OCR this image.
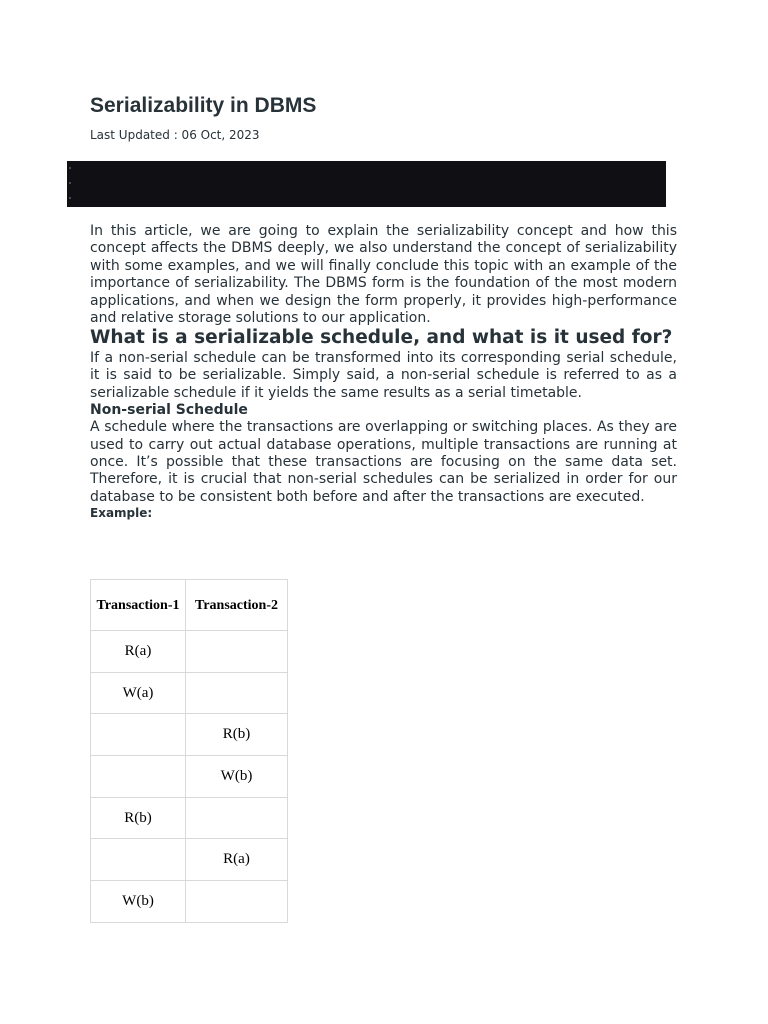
Serializability in DBMS
Last Updated : 06 Oct, 2023

In this article, we are going to explain the serializability concept and how this concept affects the DBMS deeply, we also understand the concept of serializability with some examples, and we will finally conclude this topic with an example of the importance of serializability. The DBMS form is the foundation of the most modern applications, and when we design the form properly, it provides high-performance and relative storage solutions to our application.

What is a serializable schedule, and what is it used for?

If a non-serial schedule can be transformed into its corresponding serial schedule, it is said to be serializable. Simply said, a non-serial schedule is referred to as a serializable schedule if it yields the same results as a serial timetable.

Non-serial Schedule

A schedule where the transactions are overlapping or switching places. As they are used to carry out actual database operations, multiple transactions are running at once. It’s possible that these transactions are focusing on the same data set. Therefore, it is crucial that non-serial schedules can be serialized in order for our database to be consistent both before and after the transactions are executed.

Example:
Transaction-1	Transaction-2
R(a)	
W(a)	
	R(b)
	W(b)
R(b)	
	R(a)
W(b)	
